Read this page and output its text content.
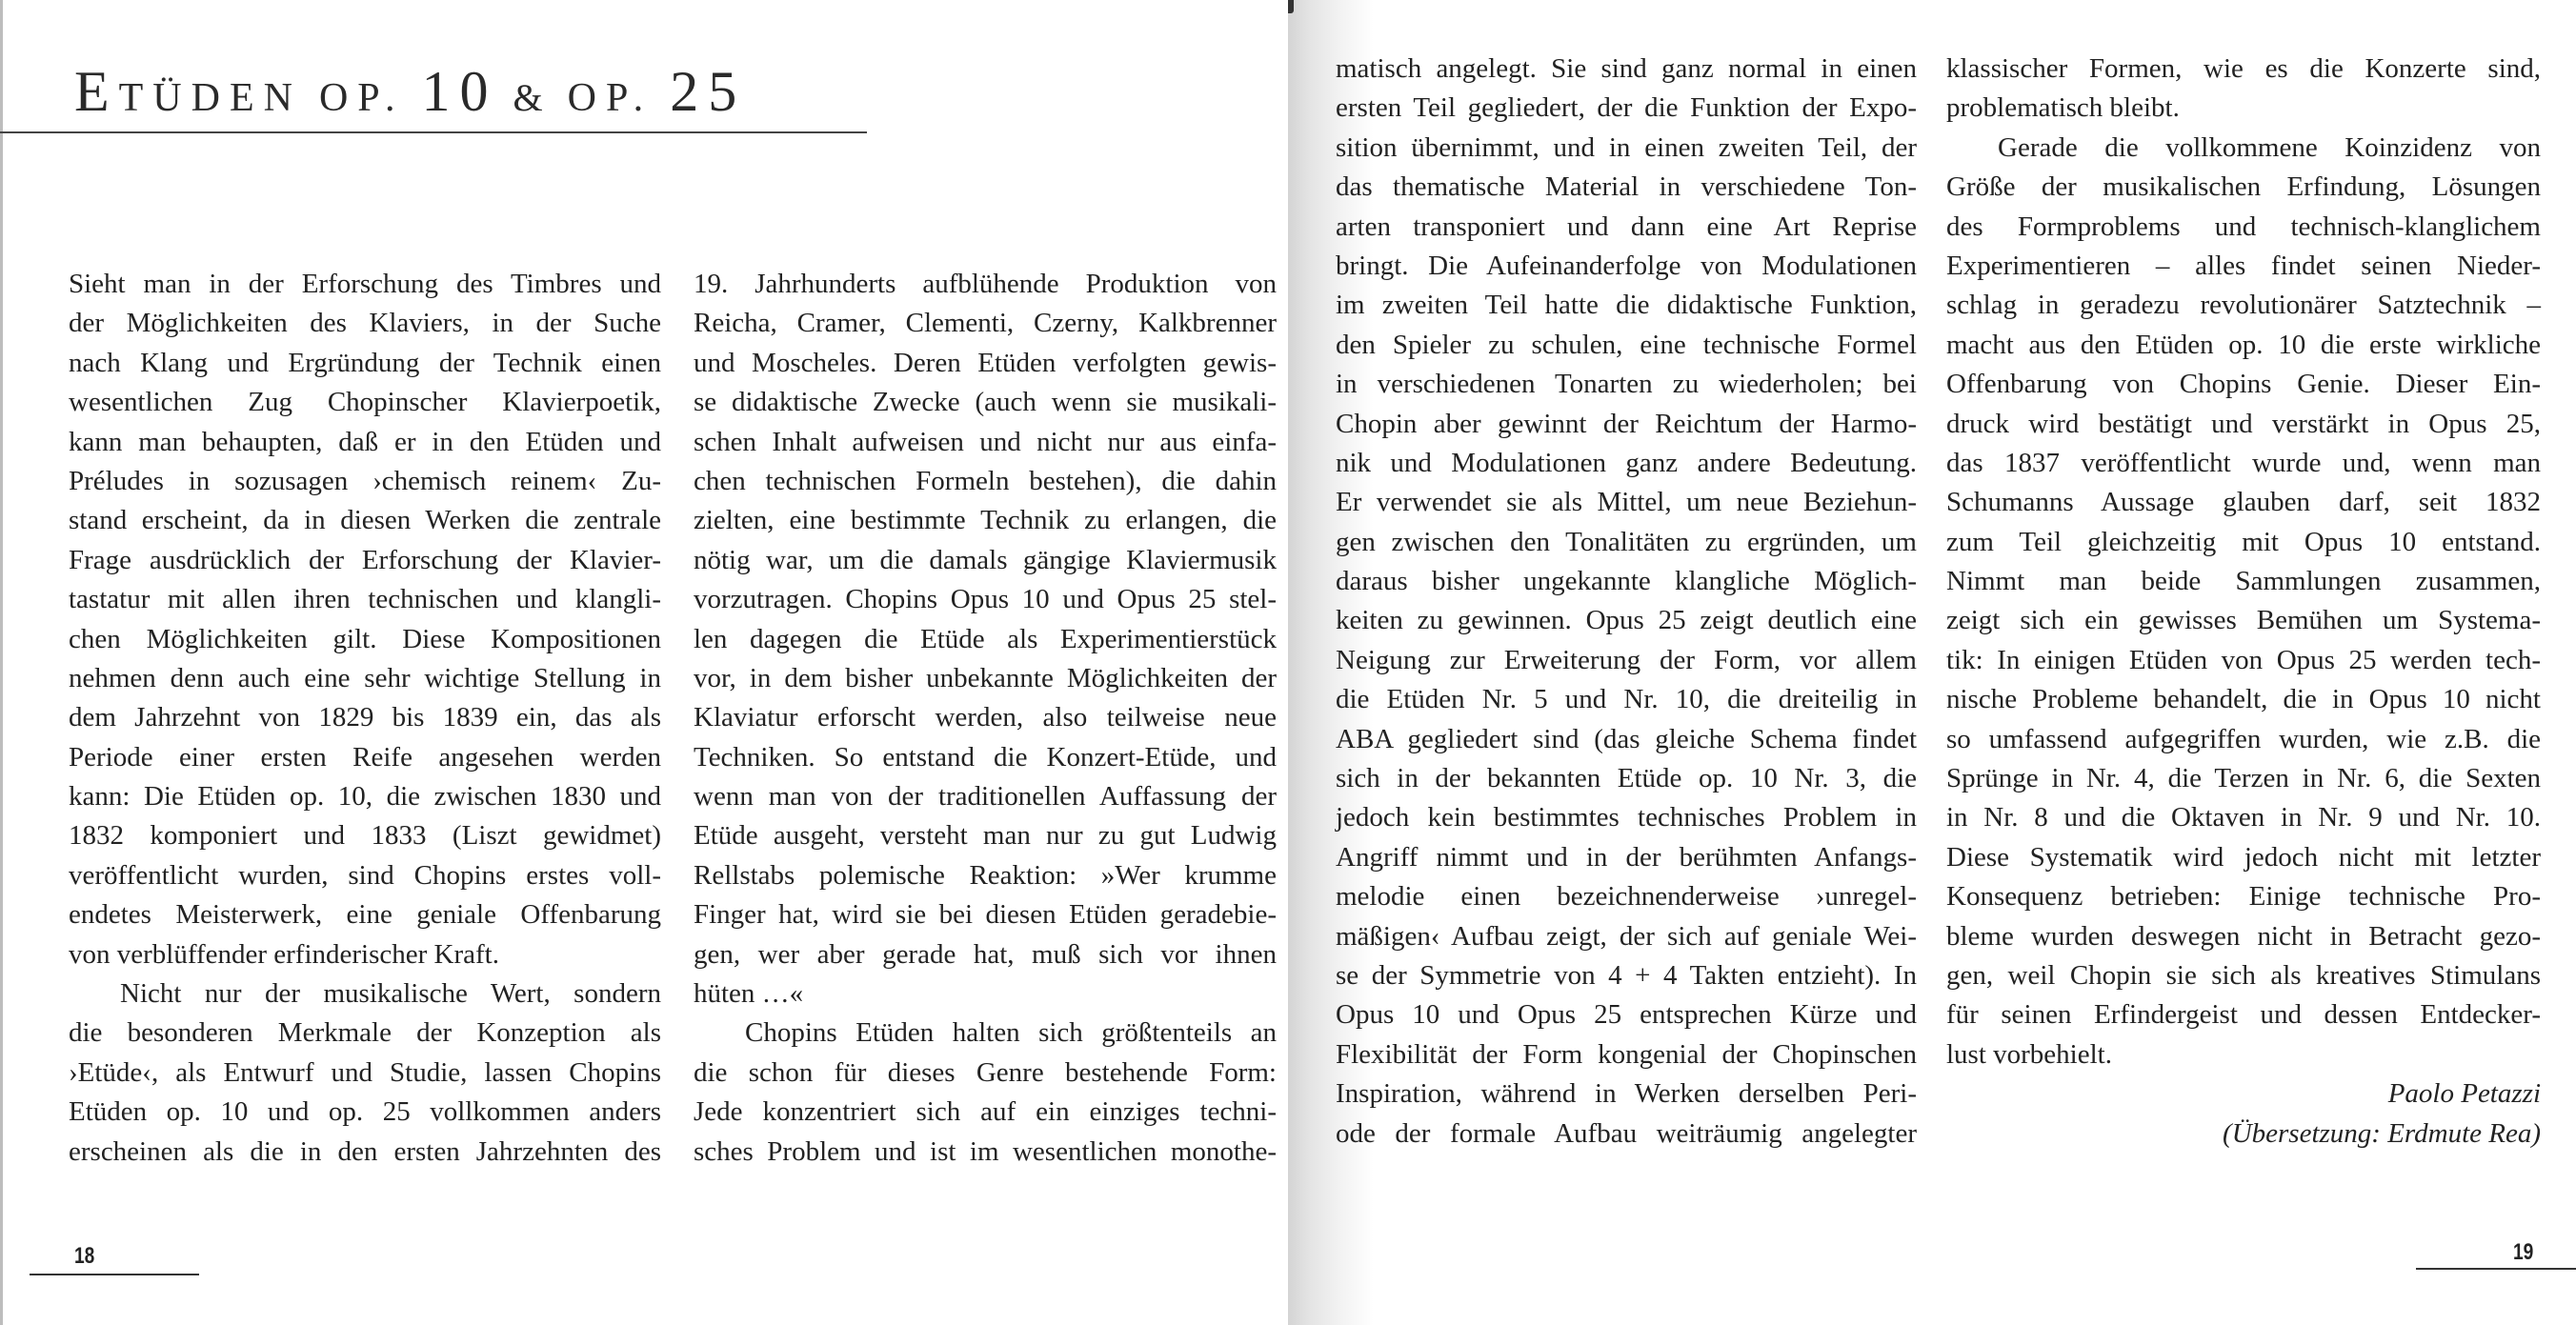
ETÜDEN OP. 10 & OP. 25
Sieht man in der Erforschung des Timbres und
der Möglichkeiten des Klaviers, in der Suche
nach Klang und Ergründung der Technik einen
wesentlichen Zug Chopinscher Klavierpoetik,
kann man behaupten, daß er in den Etüden und
Préludes in sozusagen ›chemisch reinem‹ Zu-
stand erscheint, da in diesen Werken die zentrale
Frage ausdrücklich der Erforschung der Klavier-
tastatur mit allen ihren technischen und klangli-
chen Möglichkeiten gilt. Diese Kompositionen
nehmen denn auch eine sehr wichtige Stellung in
dem Jahrzehnt von 1829 bis 1839 ein, das als
Periode einer ersten Reife angesehen werden
kann: Die Etüden op. 10, die zwischen 1830 und
1832 komponiert und 1833 (Liszt gewidmet)
veröffentlicht wurden, sind Chopins erstes voll-
endetes Meisterwerk, eine geniale Offenbarung
von verblüffender erfinderischer Kraft.
Nicht nur der musikalische Wert, sondern
die besonderen Merkmale der Konzeption als
›Etüde‹, als Entwurf und Studie, lassen Chopins
Etüden op. 10 und op. 25 vollkommen anders
erscheinen als die in den ersten Jahrzehnten des
19. Jahrhunderts aufblühende Produktion von
Reicha, Cramer, Clementi, Czerny, Kalkbrenner
und Moscheles. Deren Etüden verfolgten gewis-
se didaktische Zwecke (auch wenn sie musikali-
schen Inhalt aufweisen und nicht nur aus einfa-
chen technischen Formeln bestehen), die dahin
zielten, eine bestimmte Technik zu erlangen, die
nötig war, um die damals gängige Klaviermusik
vorzutragen. Chopins Opus 10 und Opus 25 stel-
len dagegen die Etüde als Experimentierstück
vor, in dem bisher unbekannte Möglichkeiten der
Klaviatur erforscht werden, also teilweise neue
Techniken. So entstand die Konzert-Etüde, und
wenn man von der traditionellen Auffassung der
Etüde ausgeht, versteht man nur zu gut Ludwig
Rellstabs polemische Reaktion: »Wer krumme
Finger hat, wird sie bei diesen Etüden geradebie-
gen, wer aber gerade hat, muß sich vor ihnen
hüten …«
Chopins Etüden halten sich größtenteils an
die schon für dieses Genre bestehende Form:
Jede konzentriert sich auf ein einziges techni-
sches Problem und ist im wesentlichen monothe-
matisch angelegt. Sie sind ganz normal in einen
ersten Teil gegliedert, der die Funktion der Expo-
sition übernimmt, und in einen zweiten Teil, der
das thematische Material in verschiedene Ton-
arten transponiert und dann eine Art Reprise
bringt. Die Aufeinanderfolge von Modulationen
im zweiten Teil hatte die didaktische Funktion,
den Spieler zu schulen, eine technische Formel
in verschiedenen Tonarten zu wiederholen; bei
Chopin aber gewinnt der Reichtum der Harmo-
nik und Modulationen ganz andere Bedeutung.
Er verwendet sie als Mittel, um neue Beziehun-
gen zwischen den Tonalitäten zu ergründen, um
daraus bisher ungekannte klangliche Möglich-
keiten zu gewinnen. Opus 25 zeigt deutlich eine
Neigung zur Erweiterung der Form, vor allem
die Etüden Nr. 5 und Nr. 10, die dreiteilig in
ABA gegliedert sind (das gleiche Schema findet
sich in der bekannten Etüde op. 10 Nr. 3, die
jedoch kein bestimmtes technisches Problem in
Angriff nimmt und in der berühmten Anfangs-
melodie einen bezeichnenderweise ›unregel-
mäßigen‹ Aufbau zeigt, der sich auf geniale Wei-
se der Symmetrie von 4 + 4 Takten entzieht). In
Opus 10 und Opus 25 entsprechen Kürze und
Flexibilität der Form kongenial der Chopinschen
Inspiration, während in Werken derselben Peri-
ode der formale Aufbau weiträumig angelegter
klassischer Formen, wie es die Konzerte sind,
problematisch bleibt.
Gerade die vollkommene Koinzidenz von
Größe der musikalischen Erfindung, Lösungen
des Formproblems und technisch-klanglichem
Experimentieren – alles findet seinen Nieder-
schlag in geradezu revolutionärer Satztechnik –
macht aus den Etüden op. 10 die erste wirkliche
Offenbarung von Chopins Genie. Dieser Ein-
druck wird bestätigt und verstärkt in Opus 25,
das 1837 veröffentlicht wurde und, wenn man
Schumanns Aussage glauben darf, seit 1832
zum Teil gleichzeitig mit Opus 10 entstand.
Nimmt man beide Sammlungen zusammen,
zeigt sich ein gewisses Bemühen um Systema-
tik: In einigen Etüden von Opus 25 werden tech-
nische Probleme behandelt, die in Opus 10 nicht
so umfassend aufgegriffen wurden, wie z.B. die
Sprünge in Nr. 4, die Terzen in Nr. 6, die Sexten
in Nr. 8 und die Oktaven in Nr. 9 und Nr. 10.
Diese Systematik wird jedoch nicht mit letzter
Konsequenz betrieben: Einige technische Pro-
bleme wurden deswegen nicht in Betracht gezo-
gen, weil Chopin sie sich als kreatives Stimulans
für seinen Erfindergeist und dessen Entdecker-
lust vorbehielt.
Paolo Petazzi
(Übersetzung: Erdmute Rea)
18	19
